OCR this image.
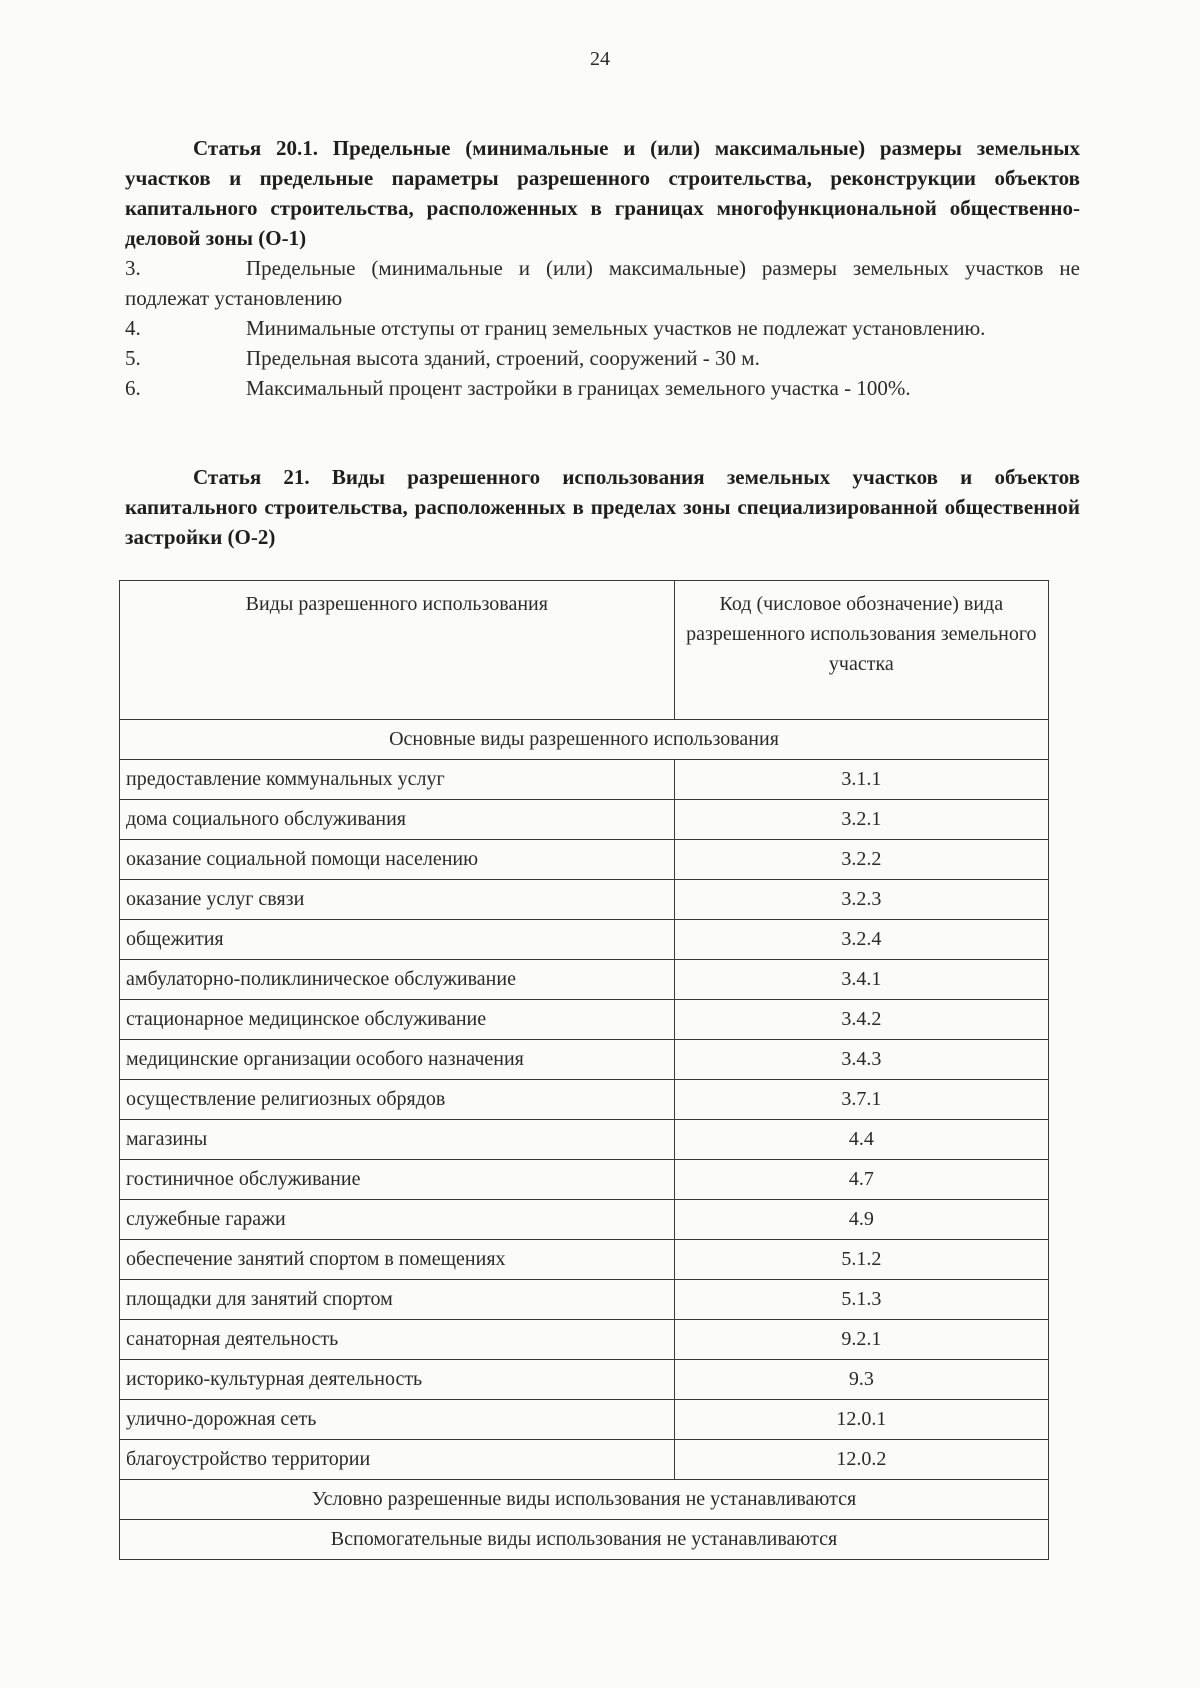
24
Статья 20.1. Предельные (минимальные и (или) максимальные) размеры земельных участков и предельные параметры разрешенного строительства, реконструкции объектов капитального строительства, расположенных в границах многофункциональной общественно-деловой зоны (О-1)
3.	Предельные (минимальные и (или) максимальные) размеры земельных участков не подлежат установлению
4.	Минимальные отступы от границ земельных участков не подлежат установлению.
5.	Предельная высота зданий, строений, сооружений - 30 м.
6.	Максимальный процент застройки в границах земельного участка - 100%.
Статья 21. Виды разрешенного использования земельных участков и объектов капитального строительства, расположенных в пределах зоны специализированной общественной застройки (О-2)
Виды разрешенного использования	Код (числовое обозначение) вида разрешенного использования земельного участка
Основные виды разрешенного использования	
предоставление коммунальных услуг	3.1.1
дома социального обслуживания	3.2.1
оказание социальной помощи населению	3.2.2
оказание услуг связи	3.2.3
общежития	3.2.4
амбулаторно-поликлиническое обслуживание	3.4.1
стационарное медицинское обслуживание	3.4.2
медицинские организации особого назначения	3.4.3
осуществление религиозных обрядов	3.7.1
магазины	4.4
гостиничное обслуживание	4.7
служебные гаражи	4.9
обеспечение занятий спортом в помещениях	5.1.2
площадки для занятий спортом	5.1.3
санаторная деятельность	9.2.1
историко-культурная деятельность	9.3
улично-дорожная сеть	12.0.1
благоустройство территории	12.0.2
Условно разрешенные виды использования не устанавливаются	
Вспомогательные виды использования не устанавливаются	
